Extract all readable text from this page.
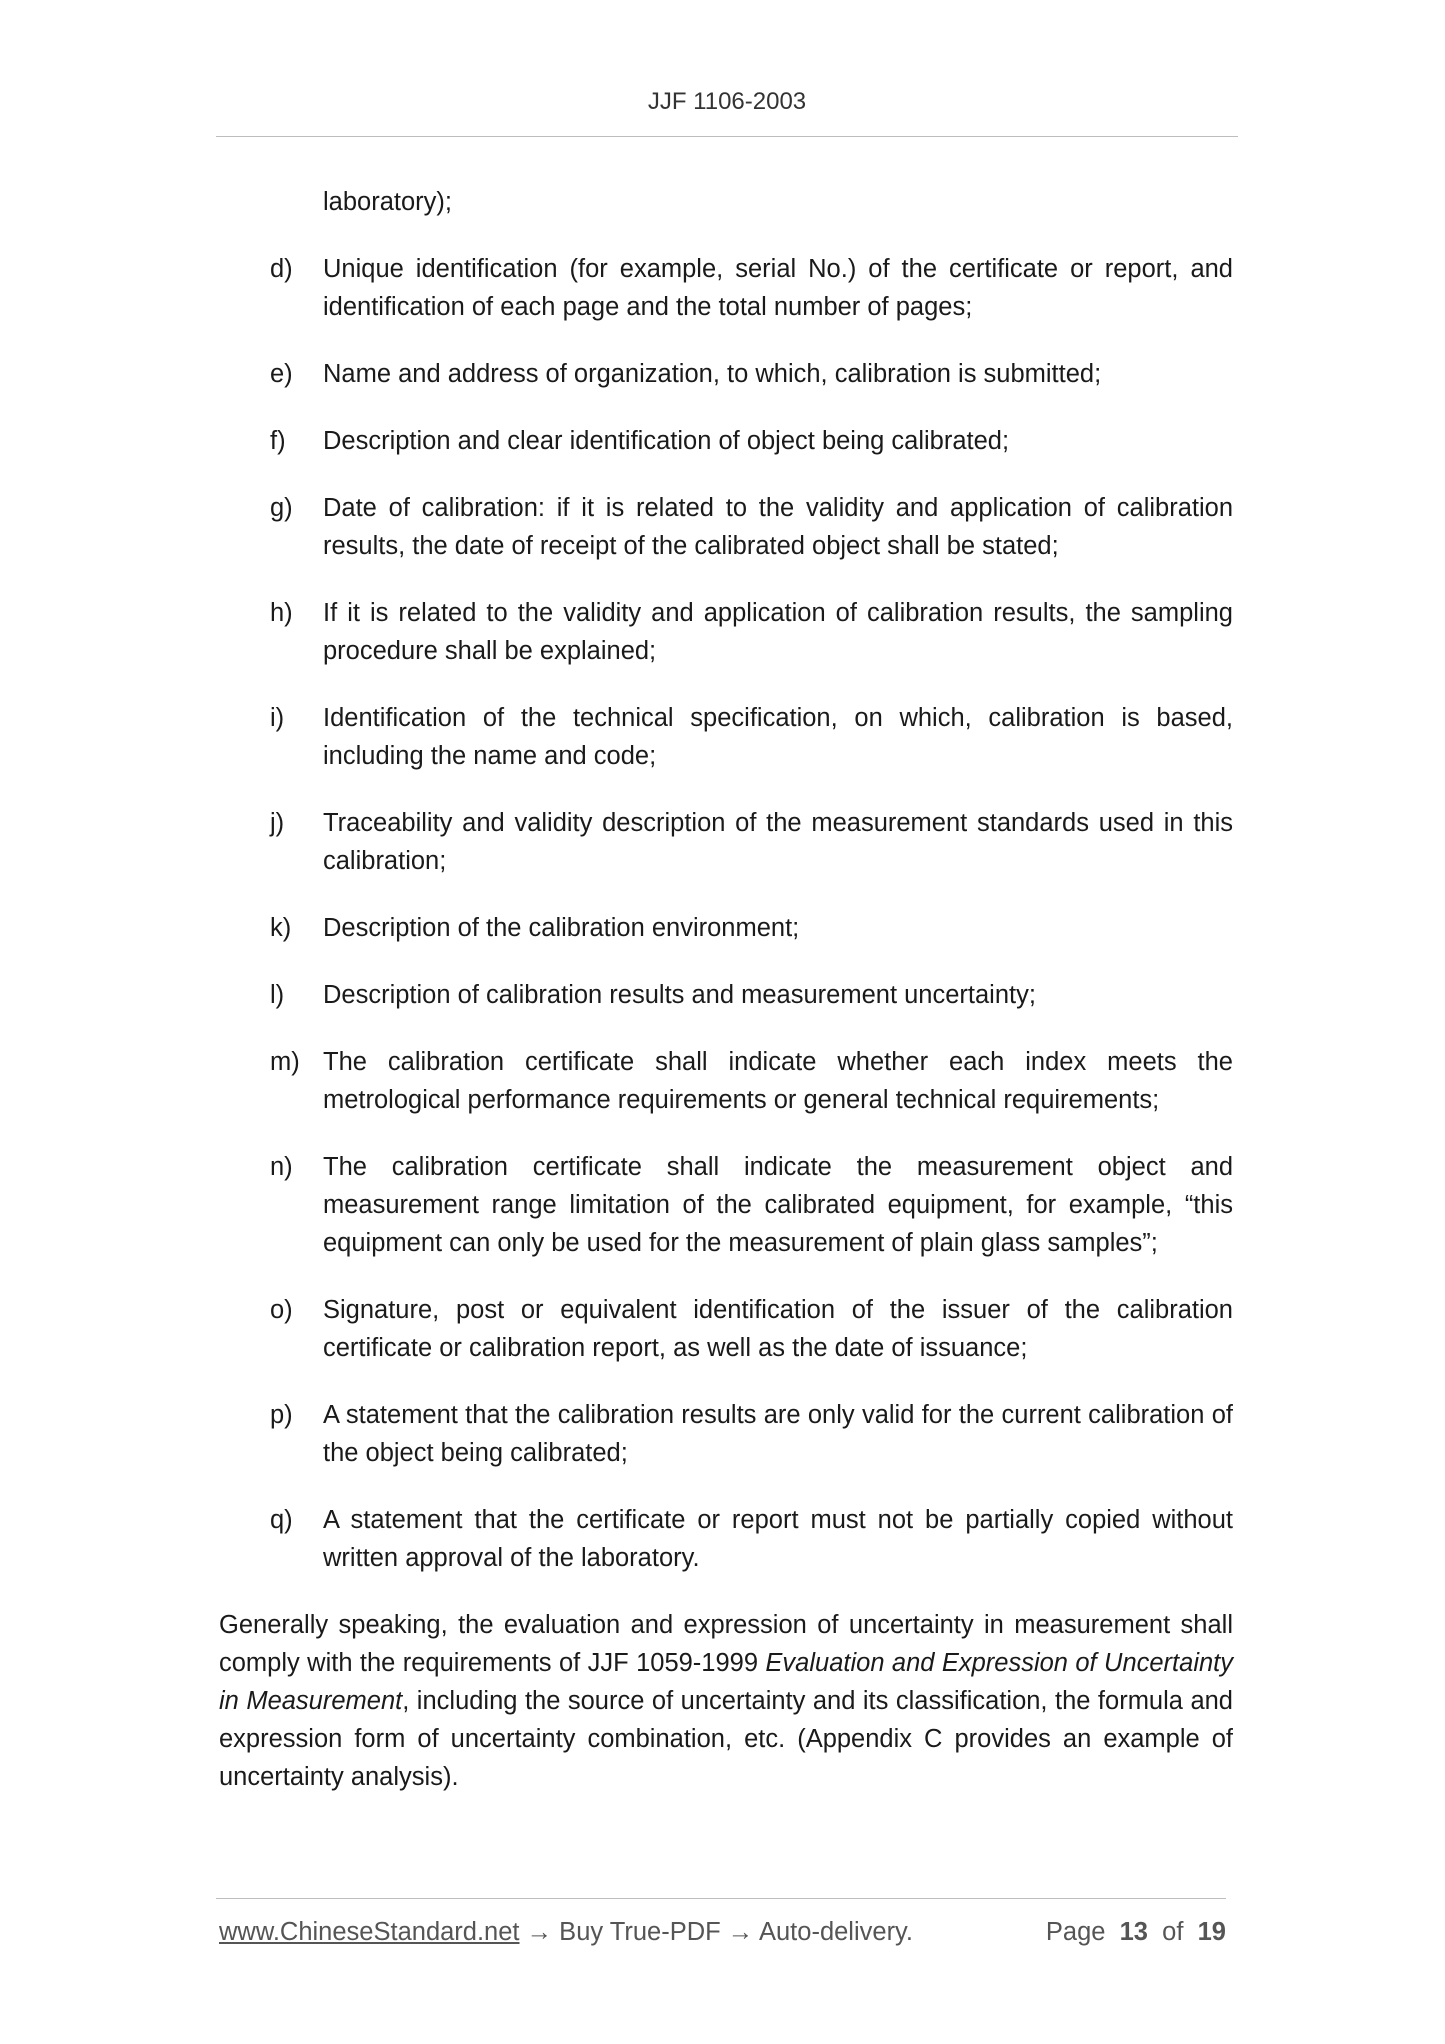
JJF 1106-2003
laboratory);
d)	Unique identification (for example, serial No.) of the certificate or report, and identification of each page and the total number of pages;
e)	Name and address of organization, to which, calibration is submitted;
f)	Description and clear identification of object being calibrated;
g)	Date of calibration: if it is related to the validity and application of calibration results, the date of receipt of the calibrated object shall be stated;
h)	If it is related to the validity and application of calibration results, the sampling procedure shall be explained;
i)	Identification of the technical specification, on which, calibration is based, including the name and code;
j)	Traceability and validity description of the measurement standards used in this calibration;
k)	Description of the calibration environment;
l)	Description of calibration results and measurement uncertainty;
m) The calibration certificate shall indicate whether each index meets the metrological performance requirements or general technical requirements;
n)	The calibration certificate shall indicate the measurement object and measurement range limitation of the calibrated equipment, for example, “this equipment can only be used for the measurement of plain glass samples”;
o)	Signature, post or equivalent identification of the issuer of the calibration certificate or calibration report, as well as the date of issuance;
p)	A statement that the calibration results are only valid for the current calibration of the object being calibrated;
q)	A statement that the certificate or report must not be partially copied without written approval of the laboratory.
Generally speaking, the evaluation and expression of uncertainty in measurement shall comply with the requirements of JJF 1059-1999 Evaluation and Expression of Uncertainty in Measurement, including the source of uncertainty and its classification, the formula and expression form of uncertainty combination, etc. (Appendix C provides an example of uncertainty analysis).
www.ChineseStandard.net → Buy True-PDF → Auto-delivery.	Page 13 of 19
